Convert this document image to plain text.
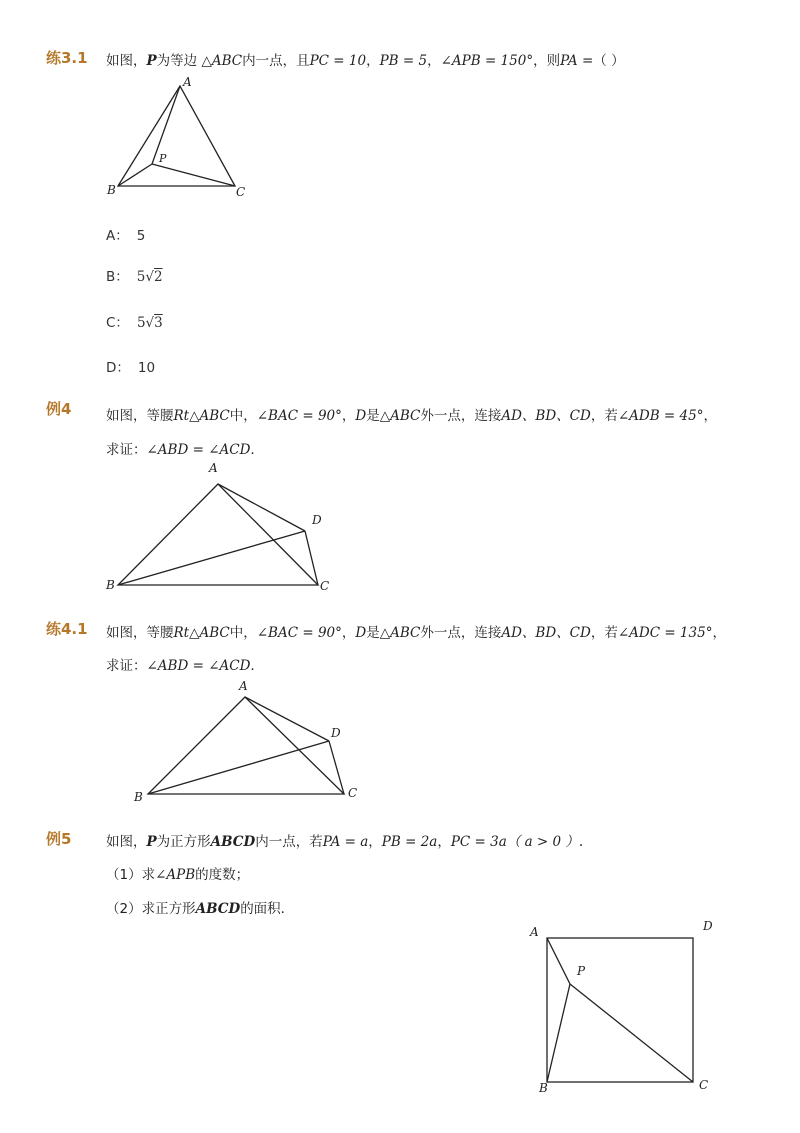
练3.1 如图，P为等边 △ABC内一点，且PC = 10，PB = 5，∠APB = 150°，则PA =（ ）
A
B	C
P
A： 5
B： 5√2
C： 5√3
D： 10
例4	如图，等腰Rt△ABC中，∠BAC = 90°，D是△ABC外一点，连接AD、BD、CD，若∠ADB = 45°，
求证：∠ABD = ∠ACD.
A
B	C
D
练4.1 如图，等腰Rt△ABC中，∠BAC = 90°，D是△ABC外一点，连接AD、BD、CD，若∠ADC = 135°，
求证：∠ABD = ∠ACD.
A
B	C
D
例5	如图，P为正方形ABCD内一点，若PA = a，PB = 2a，PC = 3a（ a > 0 ）.
（1）求∠APB的度数；
（2）求正方形ABCD的面积．
A	D
B	C
P
